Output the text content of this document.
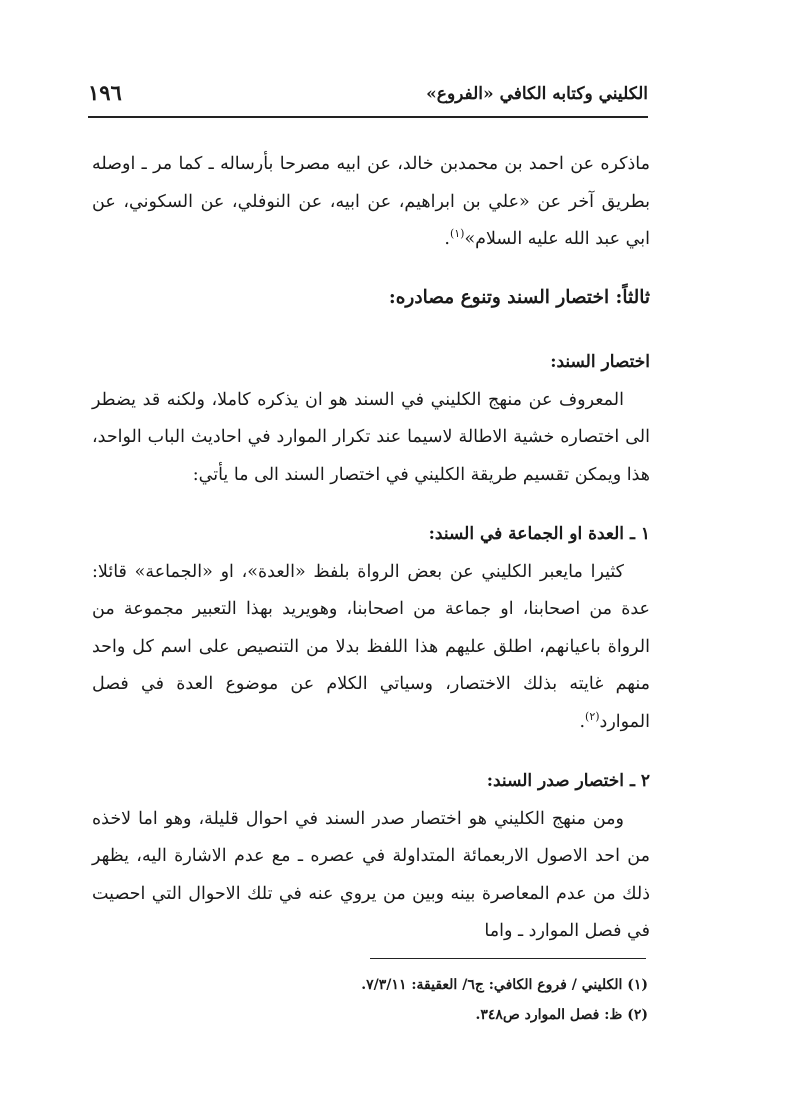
الكليني وكتابه الكافي «الفروع»
١٩٦

ماذكره عن احمد بن محمدبن خالد، عن ابيه مصرحا بأرساله ـ كما مر ـ اوصله بطريق آخر عن «علي بن ابراهيم، عن ابيه، عن النوفلي، عن السكوني، عن ابي عبد الله عليه السلام»$^{(١)}$.

ثالثاً: اختصار السند وتنوع مصادره:

اختصار السند:

المعروف عن منهج الكليني في السند هو ان يذكره كاملا، ولكنه قد يضطر الى اختصاره خشية الاطالة لاسيما عند تكرار الموارد في احاديث الباب الواحد، هذا ويمكن تقسيم طريقة الكليني في اختصار السند الى ما يأتي:

١ ـ العدة او الجماعة في السند:

كثيرا مايعبر الكليني عن بعض الرواة بلفظ «العدة»، او «الجماعة» قائلا: عدة من اصحابنا، او جماعة من اصحابنا، وهويريد بهذا التعبير مجموعة من الرواة باعيانهم، اطلق عليهم هذا اللفظ بدلا من التنصيص على اسم كل واحد منهم غايته بذلك الاختصار، وسياتي الكلام عن موضوع العدة في فصل الموارد$^{(٢)}$.

٢ ـ اختصار صدر السند:

ومن منهج الكليني هو اختصار صدر السند في احوال قليلة، وهو اما لاخذه من احد الاصول الاربعمائة المتداولة في عصره ـ مع عدم الاشارة اليه، يظهر ذلك من عدم المعاصرة بينه وبين من يروي عنه في تلك الاحوال التي احصيت في فصل الموارد ـ واما

(١) الكليني / فروع الكافي: ج٦/ العقيقة: ٧/٣/١١.

(٢) ظ: فصل الموارد ص٣٤٨.
